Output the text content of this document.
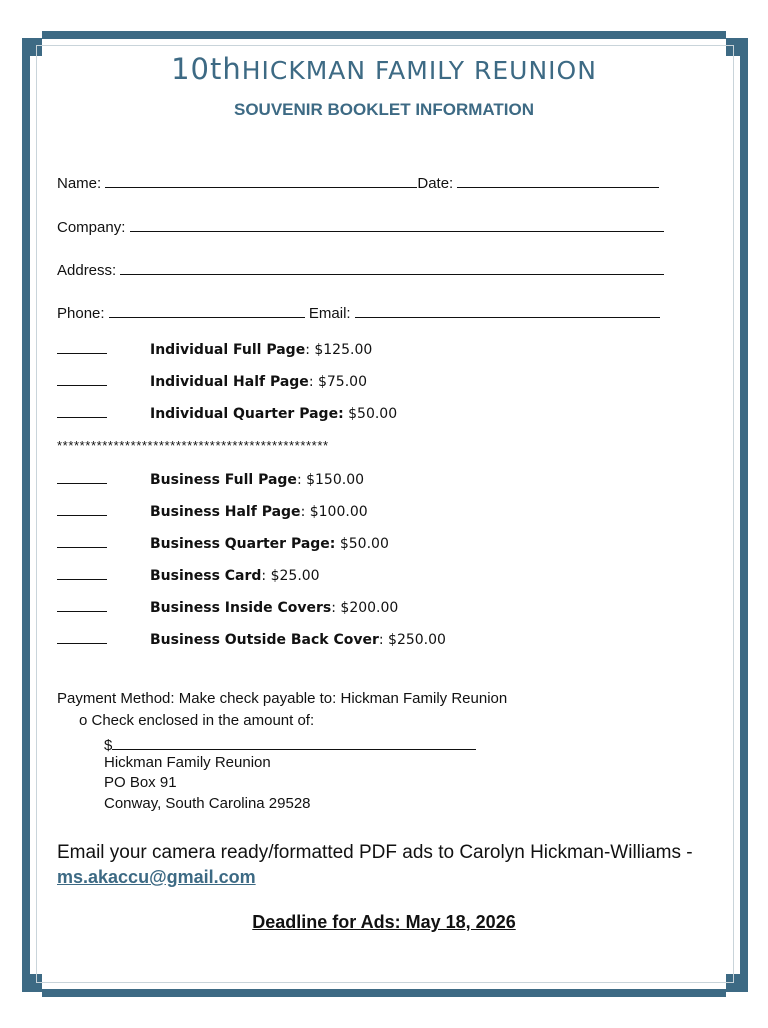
10thHICKMAN FAMILY REUNION
SOUVENIR BOOKLET INFORMATION
Name:	Date:
Company:
Address:
Phone:	Email:
Individual Full Page: $125.00
Individual Half Page: $75.00
Individual Quarter Page: $50.00
************************************************
Business Full Page: $150.00
Business Half Page: $100.00
Business Quarter Page: $50.00
Business Card: $25.00
Business Inside Covers: $200.00
Business Outside Back Cover: $250.00
Payment Method: Make check payable to: Hickman Family Reunion
o Check enclosed in the amount of:
$
Hickman Family Reunion
PO Box 91
Conway, South Carolina 29528
Email your camera ready/formatted PDF ads to Carolyn Hickman-Williams -
ms.akaccu@gmail.com
Deadline for Ads: May 18, 2026
